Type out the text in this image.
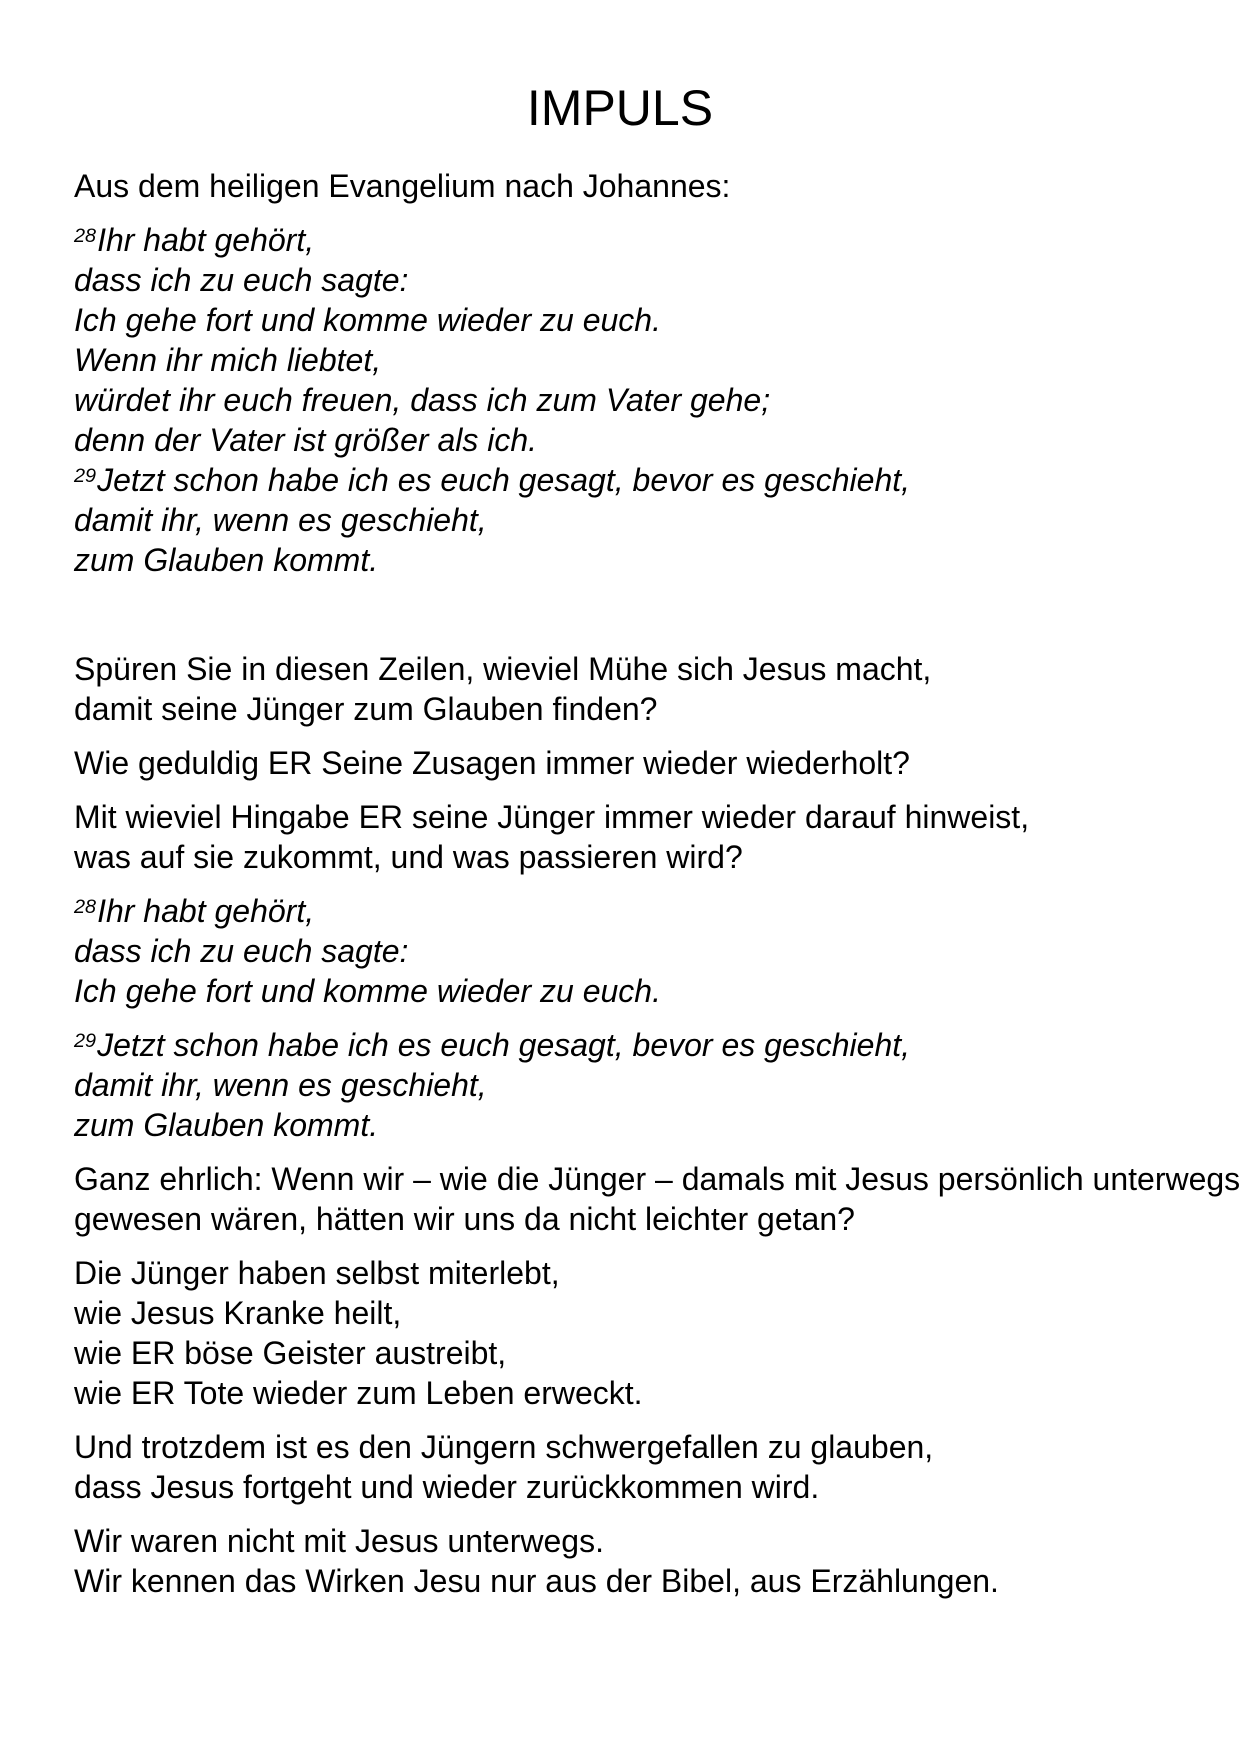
IMPULS
Aus dem heiligen Evangelium nach Johannes:
$^{28}$Ihr habt gehört,
dass ich zu euch sagte:
Ich gehe fort und komme wieder zu euch.
Wenn ihr mich liebtet,
würdet ihr euch freuen, dass ich zum Vater gehe;
denn der Vater ist größer als ich.
$^{29}$Jetzt schon habe ich es euch gesagt, bevor es geschieht,
damit ihr, wenn es geschieht,
zum Glauben kommt.
Spüren Sie in diesen Zeilen, wieviel Mühe sich Jesus macht,
damit seine Jünger zum Glauben finden?
Wie geduldig ER Seine Zusagen immer wieder wiederholt?
Mit wieviel Hingabe ER seine Jünger immer wieder darauf hinweist,
was auf sie zukommt, und was passieren wird?
$^{28}$Ihr habt gehört,
dass ich zu euch sagte:
Ich gehe fort und komme wieder zu euch.
$^{29}$Jetzt schon habe ich es euch gesagt, bevor es geschieht,
damit ihr, wenn es geschieht,
zum Glauben kommt.
Ganz ehrlich: Wenn wir – wie die Jünger – damals mit Jesus persönlich unterwegs
gewesen wären, hätten wir uns da nicht leichter getan?
Die Jünger haben selbst miterlebt,
wie Jesus Kranke heilt,
wie ER böse Geister austreibt,
wie ER Tote wieder zum Leben erweckt.
Und trotzdem ist es den Jüngern schwergefallen zu glauben,
dass Jesus fortgeht und wieder zurückkommen wird.
Wir waren nicht mit Jesus unterwegs.
Wir kennen das Wirken Jesu nur aus der Bibel, aus Erzählungen.
